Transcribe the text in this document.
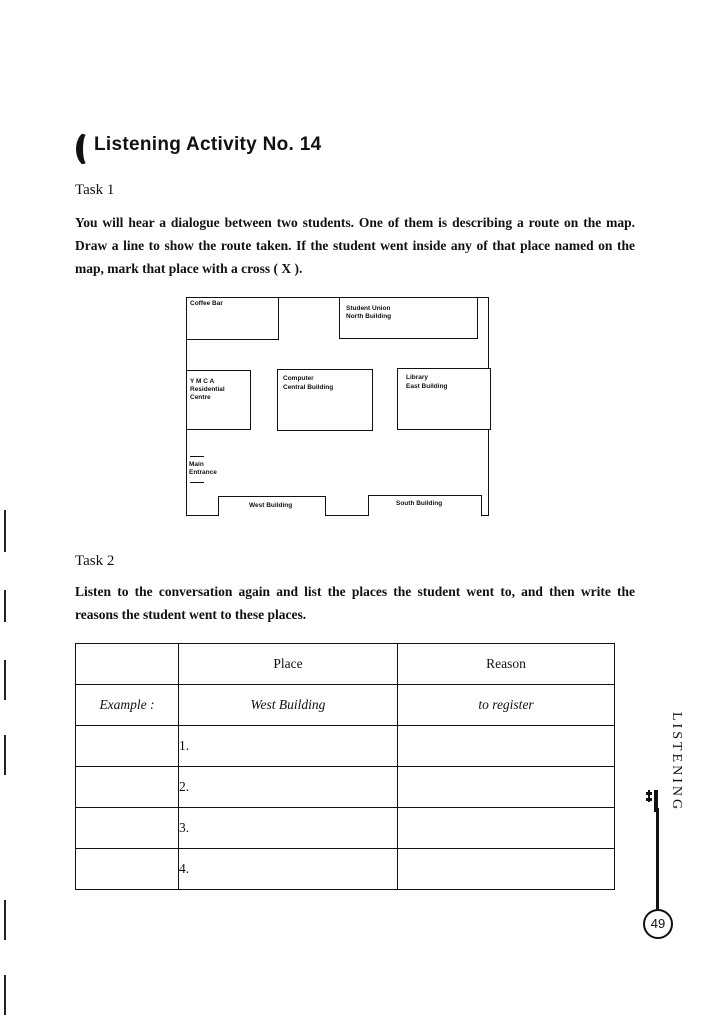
Listening Activity No. 14
Task 1
You will hear a dialogue between two students. One of them is describing a route on the map. Draw a line to show the route taken. If the student went inside any of that place named on the map, mark that place with a cross ( X ).
Coffee Bar
Student Union
North Building
Y M C A
Residential
Centre
Computer
Central Building
Library
East Building
Main
Entrance
West Building	South Building
Task 2
Listen to the conversation again and list the places the student went to, and then write the reasons the student went to these places.
	Place	Reason
Example :	West Building	to register
	1.	
	2.	
	3.	
	4.	
LISTENING
49
